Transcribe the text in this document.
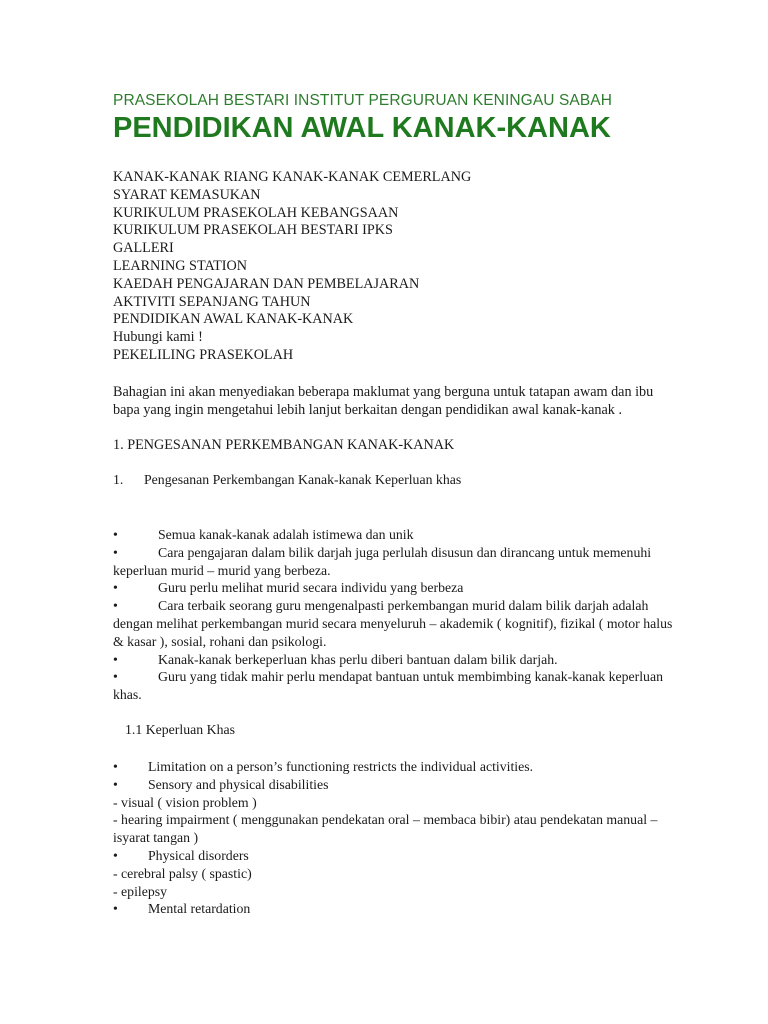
PRASEKOLAH BESTARI INSTITUT PERGURUAN KENINGAU SABAH
PENDIDIKAN AWAL KANAK-KANAK
KANAK-KANAK RIANG KANAK-KANAK CEMERLANG
SYARAT KEMASUKAN
KURIKULUM PRASEKOLAH KEBANGSAAN
KURIKULUM PRASEKOLAH BESTARI IPKS
GALLERI
LEARNING STATION
KAEDAH PENGAJARAN DAN PEMBELAJARAN
AKTIVITI SEPANJANG TAHUN
PENDIDIKAN AWAL KANAK-KANAK
Hubungi kami !
PEKELILING PRASEKOLAH

Bahagian ini akan menyediakan beberapa maklumat yang berguna untuk tatapan awam dan ibu bapa yang ingin mengetahui lebih lanjut berkaitan dengan pendidikan awal kanak-kanak .

1. PENGESANAN PERKEMBANGAN KANAK-KANAK
1. Pengesanan Perkembangan Kanak-kanak Keperluan khas
•	Semua kanak-kanak adalah istimewa dan unik
•	Cara pengajaran dalam bilik darjah juga perlulah disusun dan dirancang untuk memenuhi keperluan murid – murid yang berbeza.
•	Guru perlu melihat murid secara individu yang berbeza
•	Cara terbaik seorang guru mengenalpasti perkembangan murid dalam bilik darjah adalah dengan melihat perkembangan murid secara menyeluruh – akademik ( kognitif), fizikal ( motor halus & kasar ), sosial, rohani dan psikologi.
•	Kanak-kanak berkeperluan khas perlu diberi bantuan dalam bilik darjah.
•	Guru yang tidak mahir perlu mendapat bantuan untuk membimbing kanak-kanak keperluan khas.
1.1 Keperluan Khas
• Limitation on a person’s functioning restricts the individual activities.
• Sensory and physical disabilities
- visual ( vision problem )
- hearing impairment ( menggunakan pendekatan oral – membaca bibir) atau pendekatan manual – isyarat tangan )
• Physical disorders
- cerebral palsy ( spastic)
- epilepsy
• Mental retardation
